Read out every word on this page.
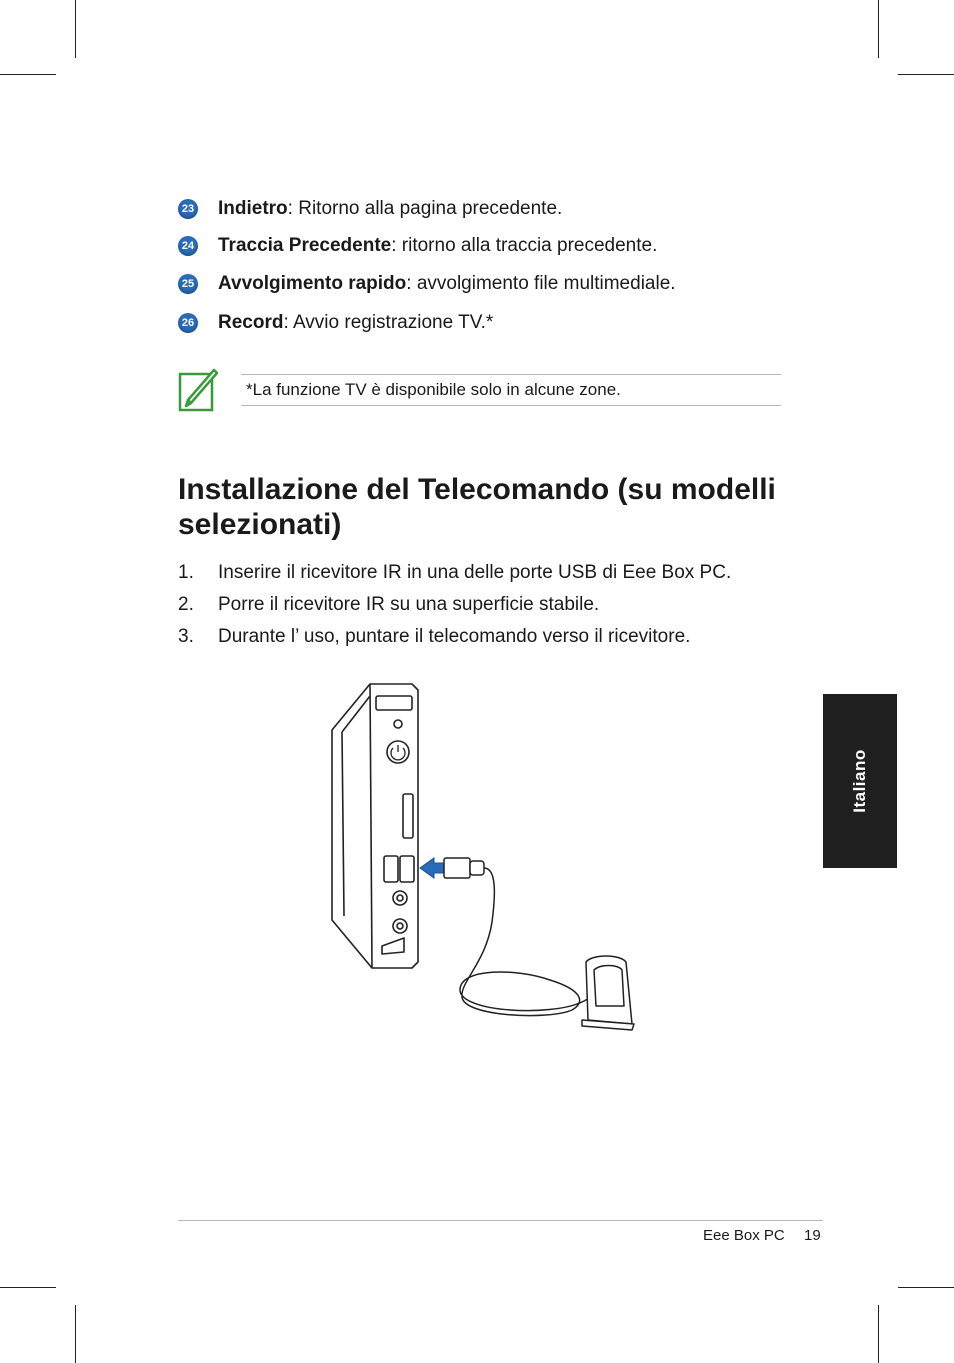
23 Indietro : Ritorno alla pagina precedente.
24 Traccia Precedente : ritorno alla traccia precedente.
25 Avvolgimento rapido : avvolgimento file multimediale.
26 Record : Avvio registrazione TV.*
*La funzione TV è disponibile solo in alcune zone.
Installazione del Telecomando (su modelli selezionati)
1.	Inserire il ricevitore IR in una delle porte USB di Eee Box PC.
2.	Porre il ricevitore IR su una superficie stabile.
3.	Durante l’ uso, puntare il telecomando verso il ricevitore.
Italiano
Eee Box PC 19
